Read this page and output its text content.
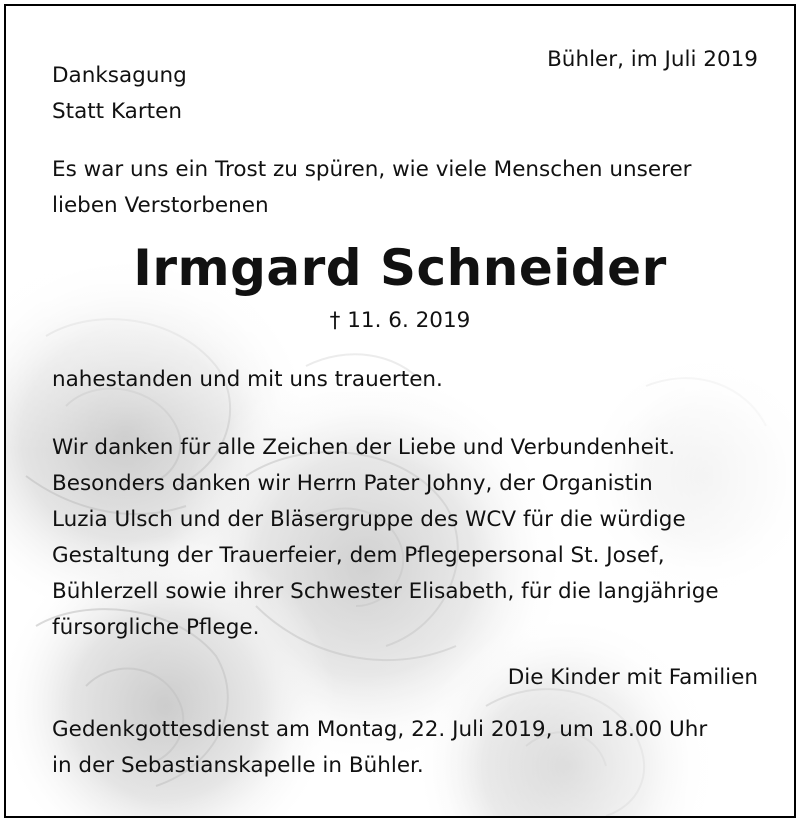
Bühler, im Juli 2019
Danksagung
Statt Karten
Es war uns ein Trost zu spüren, wie viele Menschen unserer
lieben Verstorbenen
Irmgard Schneider
† 11. 6. 2019
nahestanden und mit uns trauerten.
Wir danken für alle Zeichen der Liebe und Verbundenheit.
Besonders danken wir Herrn Pater Johny, der Organistin
Luzia Ulsch und der Bläsergruppe des WCV für die würdige
Gestaltung der Trauerfeier, dem Pflegepersonal St. Josef,
Bühlerzell sowie ihrer Schwester Elisabeth, für die langjährige
fürsorgliche Pflege.
Die Kinder mit Familien
Gedenkgottesdienst am Montag, 22. Juli 2019, um 18.00 Uhr
in der Sebastianskapelle in Bühler.
